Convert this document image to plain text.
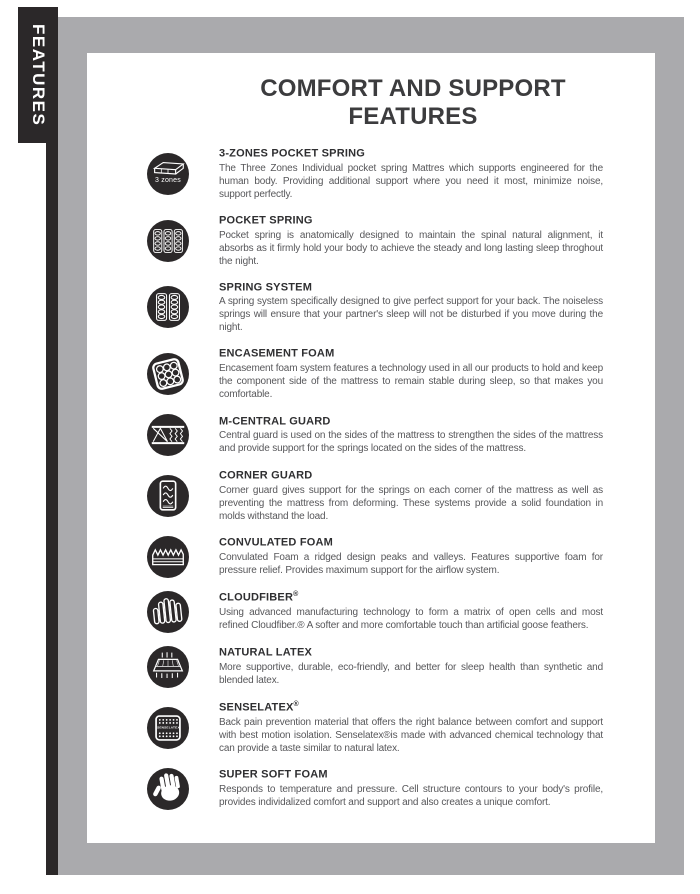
FEATURES	COMFORT AND SUPPORT FEATURES
3 zones
3-ZONES POCKET SPRING

The Three Zones Individual pocket spring Mattres which supports engineered for the human body. Providing additional support where you need it most, minimize noise, support perfectly.

POCKET SPRING

Pocket spring is anatomically designed to maintain the spinal natural alignment, it absorbs as it firmly hold your body to achieve the steady and long lasting sleep throghout the night.

SPRING SYSTEM

A spring system specifically designed to give perfect support for your back. The noiseless springs will ensure that your partner's sleep will not be disturbed if you move during the night.

ENCASEMENT FOAM

Encasement foam system features a technology used in all our products to hold and keep the component side of the mattress to remain stable during sleep, so that makes you comfortable.

M-CENTRAL GUARD

Central guard is used on the sides of the mattress to strengthen the sides of the mattress and provide support for the springs located on the sides of the mattress.

CORNER GUARD

Corner guard gives support for the springs on each corner of the mattress as well as preventing the mattress from deforming. These systems provide a solid foundation in molds withstand the load.

CONVULATED FOAM

Convulated Foam a ridged design peaks and valleys. Features supportive foam for pressure relief. Provides maximum support for the airflow system.

CLOUDFIBER®

Using advanced manufacturing technology to form a matrix of open cells and most refined Cloudfiber.® A softer and more comfortable touch than artificial goose feathers.

NATURAL LATEX

More supportive, durable, eco-friendly, and better for sleep health than synthetic and blended latex.

SENSELATEX
SENSELATEX®

Back pain prevention material that offers the right balance between comfort and support with best motion isolation. Senselatex®is made with advanced chemical technology that can provide a taste similar to natural latex.

SUPER SOFT FOAM

Responds to temperature and pressure. Cell structure contours to your body's profile, provides individalized comfort and support and also creates a unique comfort.
